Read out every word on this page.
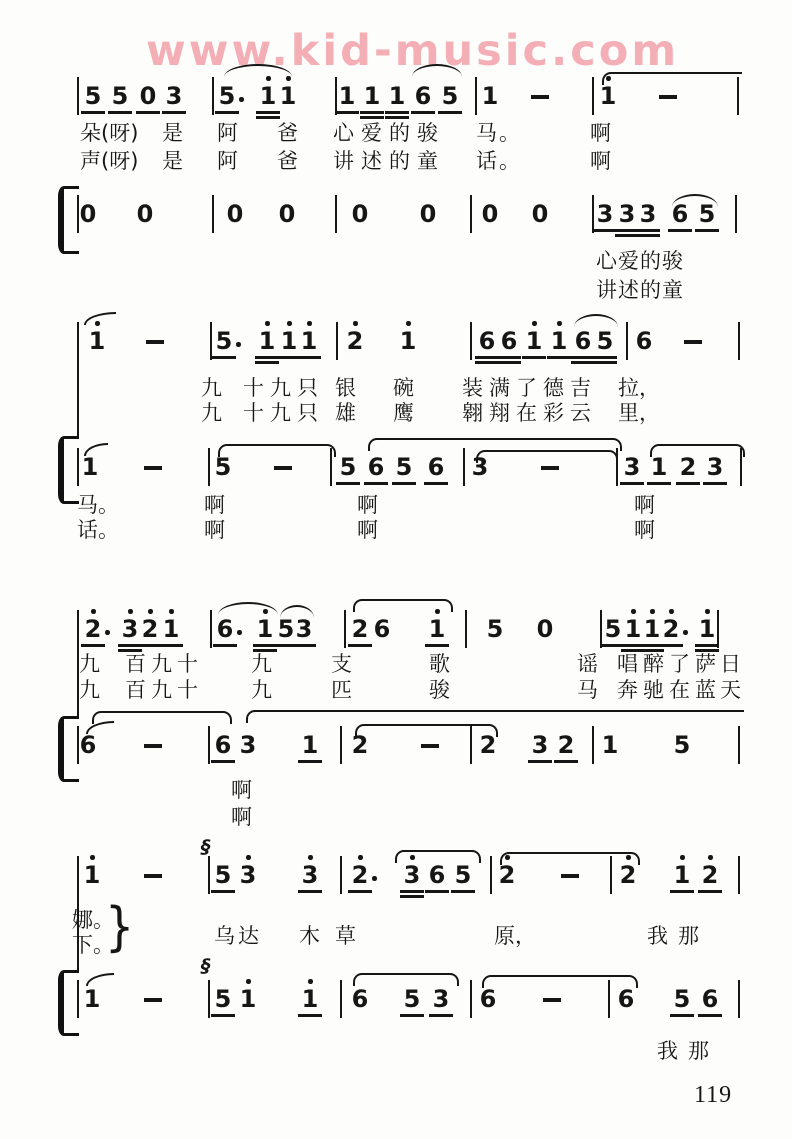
www.kid-music.com
5 5 0 3 5 1 1 1 1 1 6 5 1	1
朵(呀) 是 阿 爸 心爱的骏 马。	啊
声(呀) 是 阿 爸 讲述的童 话。	啊
0 0	0 0 0 0 0 0 3 3 3 6 5
心爱的骏
讲述的童
1	5 1 1 1 2 1	6 6 1 1 6 5 6
九 十九只 银 碗 装满了德吉 拉，
九 十九只 雄 鹰 翱翔在彩云 里，
1	5	5 6 5 6 3	3 1 2 3
马。	啊	啊	啊
话。	啊	啊	啊
2 3 2 1 6 1 5 3 2 6 1 5 0 5 1 1 2 1
九 百九十 九	支	歌	谣 唱醉了萨 日
九 百九十 九	匹	骏	马 奔驰在蓝 天
6	6 3 1 2	2 3 2 1 5
啊
啊
1	5 3 3 2 3 6 5 2	2 1 2
§
}
娜。
乌达 木 草	原，	我那
下。
1	5 1 1 6 5 3 6	6 5 6
§
我那
119
